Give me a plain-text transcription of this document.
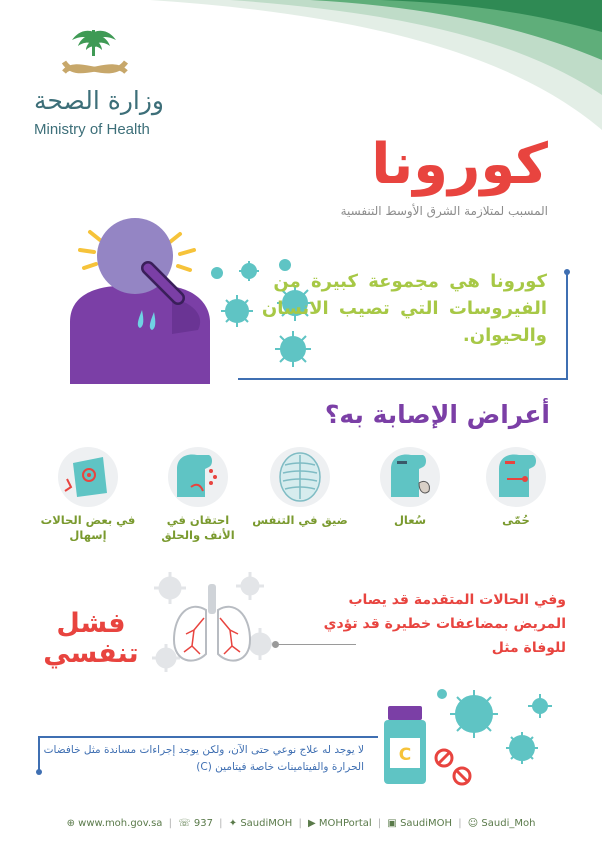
وزارة الصحة
Ministry of Health
كورونا
المسبب لمتلازمة الشرق الأوسط التنفسية
كورونا هي مجموعة كبيرة من الفيروسات التي تصيب الانسان والحيوان.
أعراض الإصابة به؟
حُمّى
سُعال
ضيق في التنفس
احتقان في الأنف والحلق
في بعض الحالات إسهال
وفي الحالات المتقدمة قد يصاب المريض بمضاعفات خطيرة قد تؤدي للوفاة مثل
فشل تنفسي
C
لا يوجد له علاج نوعي حتى الآن، ولكن يوجد إجراءات مساندة مثل خافضات الحرارة والفيتامينات خاصة فيتامين (C)
⊕ www.moh.gov.sa | ☏ 937 | ✦ SaudiMOH | ▶ MOHPortal | ▣ SaudiMOH | ☺ Saudi_Moh
